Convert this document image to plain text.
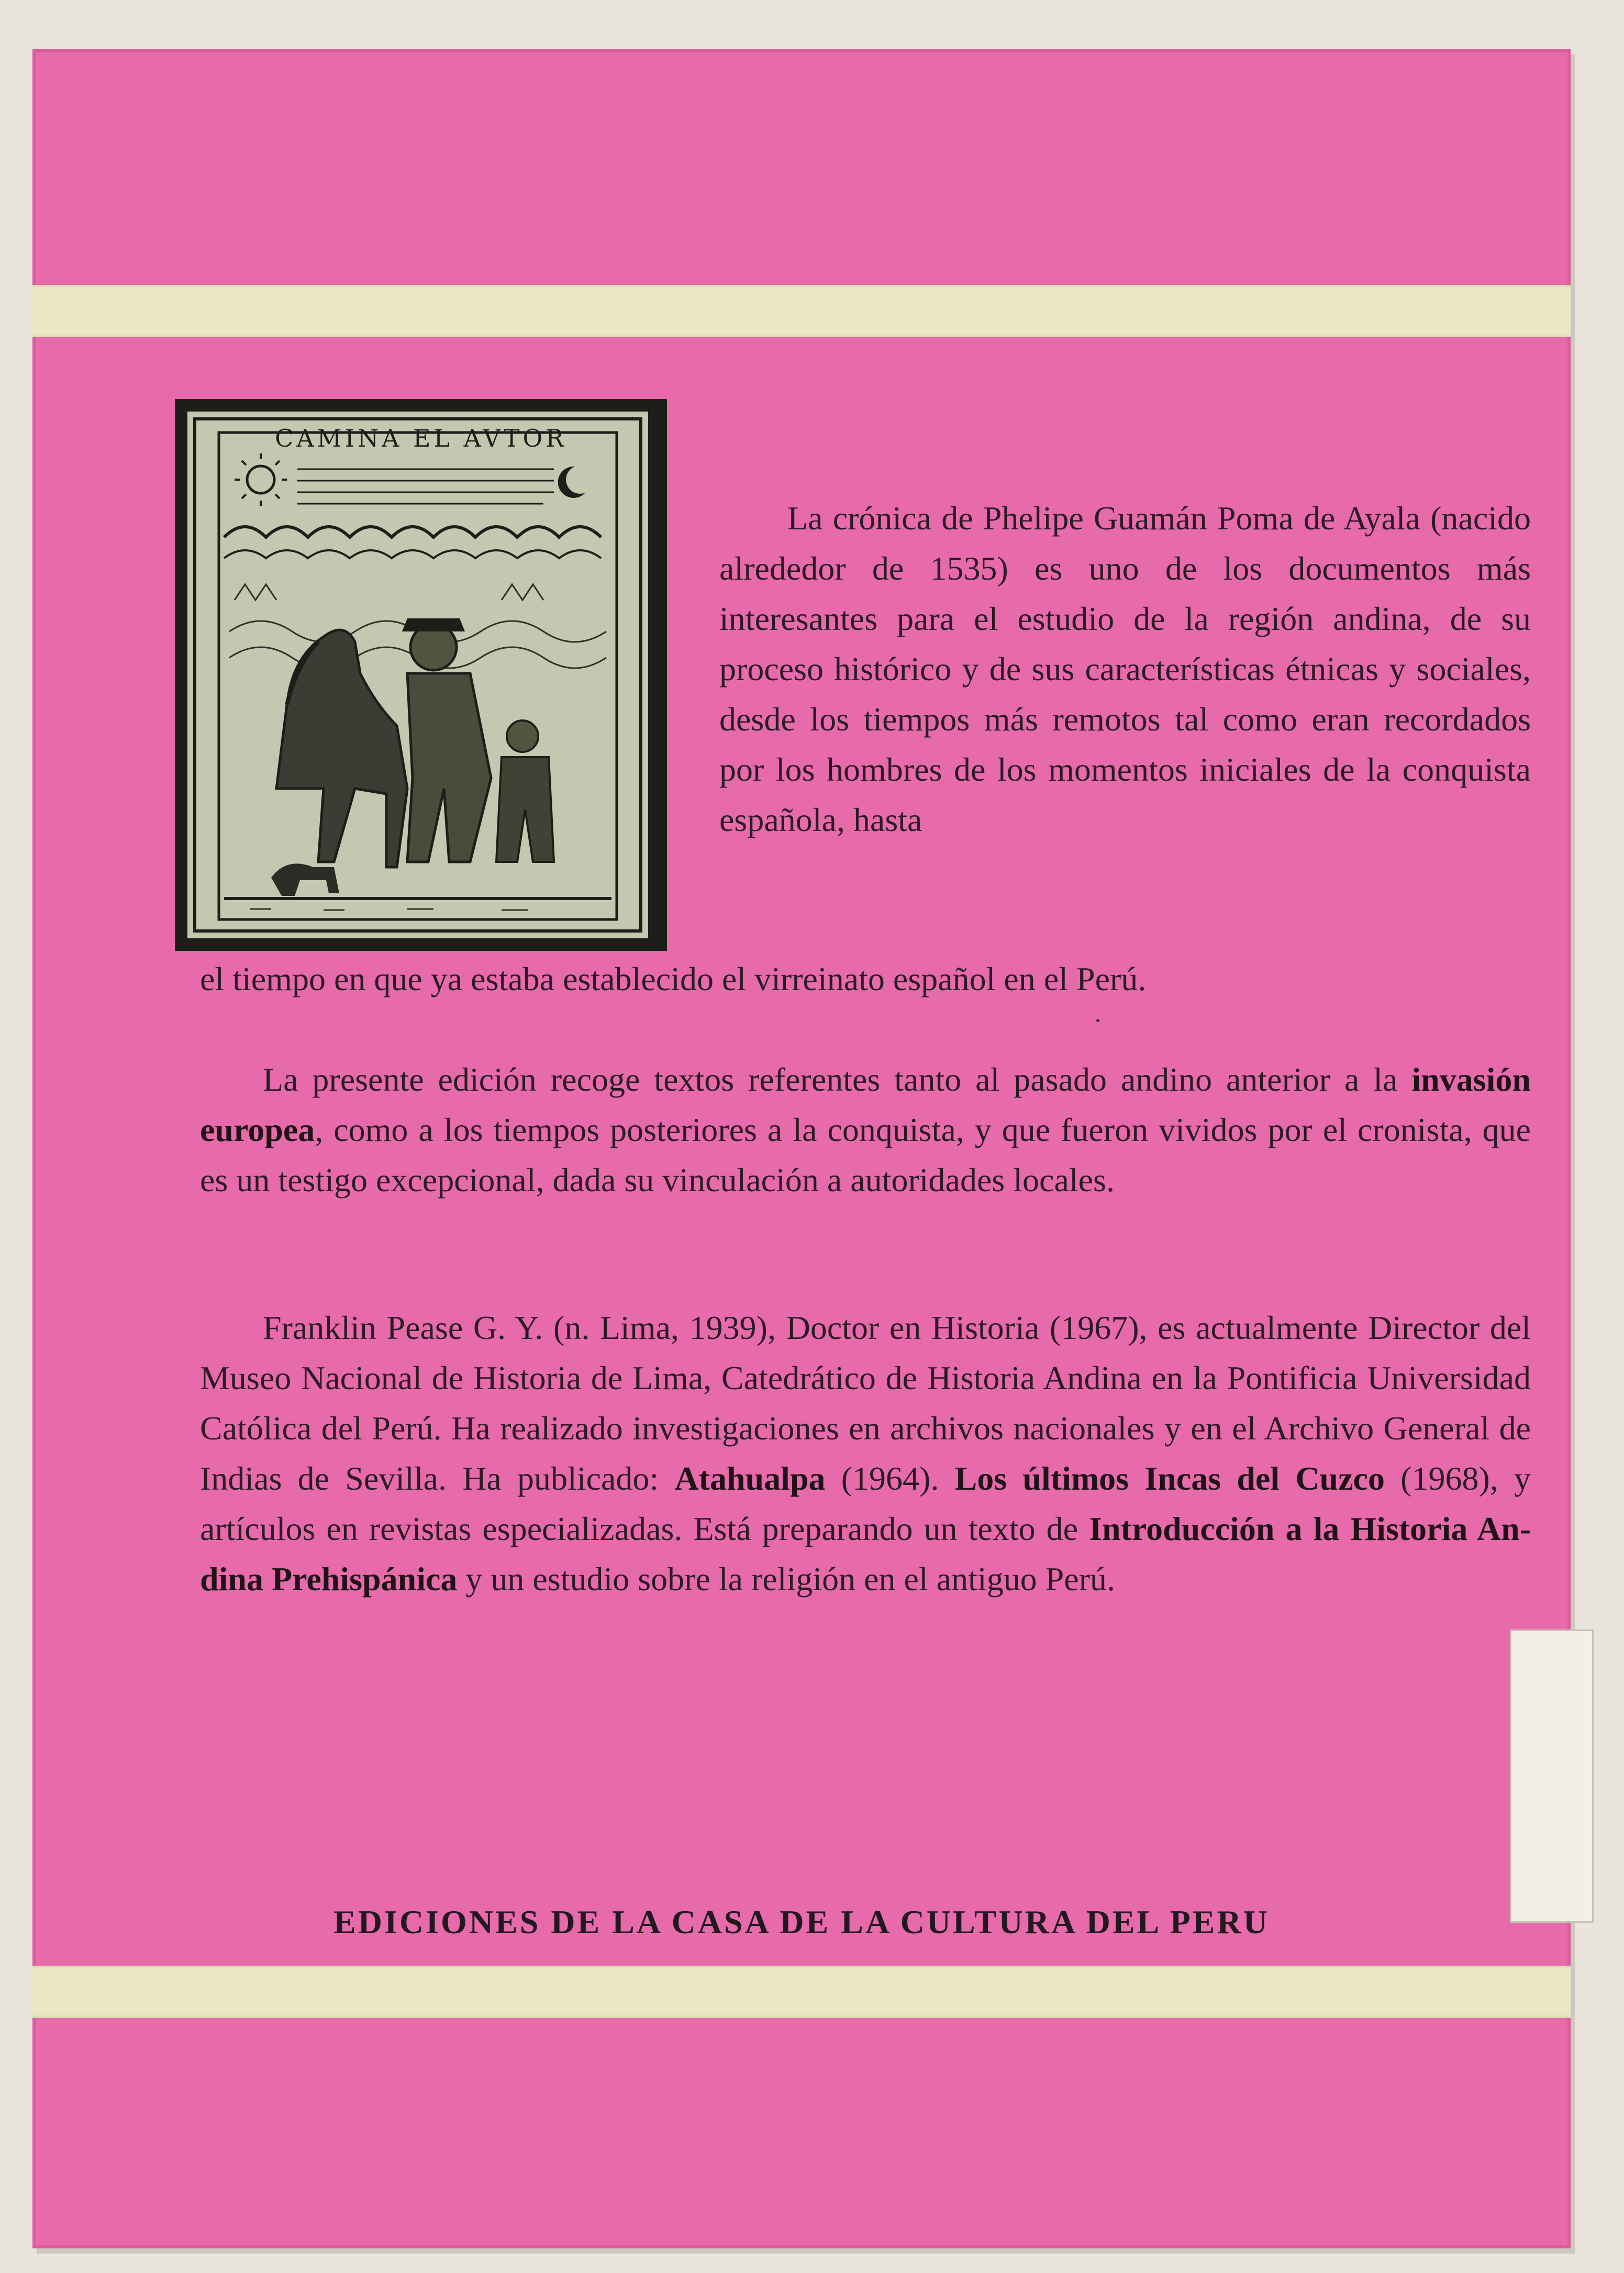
CAMINA EL AVTOR

La crónica de Phelipe Guamán Poma de Ayala (nacido alrededor de 1535) es uno de los documentos más interesantes para el estudio de la región andina, de su proceso histórico y de sus características étnicas y sociales, desde los tiempos más remotos tal como eran recordados por los hombres de los momentos iniciales de la conquista española, hasta

el tiempo en que ya estaba establecido el virreinato español en el Perú.

La presente edición recoge textos referentes tanto al pasado andino anterior a la invasión europea, como a los tiempos posteriores a la conquista, y que fueron vividos por el cronista, que es un testigo excepcional, dada su vinculación a autoridades locales.

Franklin Pease G. Y. (n. Lima, 1939), Doctor en Historia (1967), es actualmente Director del Museo Nacional de Historia de Lima, Catedrático de Historia Andina en la Pontificia Universidad Católica del Perú. Ha realizado investigaciones en archivos nacionales y en el Archivo General de Indias de Sevilla. Ha publicado: Atahualpa (1964). Los últimos Incas del Cuzco (1968), y artículos en revistas especializadas. Está preparando un texto de Introducción a la Historia Andina Prehispánica y un estudio sobre la religión en el antiguo Perú.

EDICIONES DE LA CASA DE LA CULTURA DEL PERU
